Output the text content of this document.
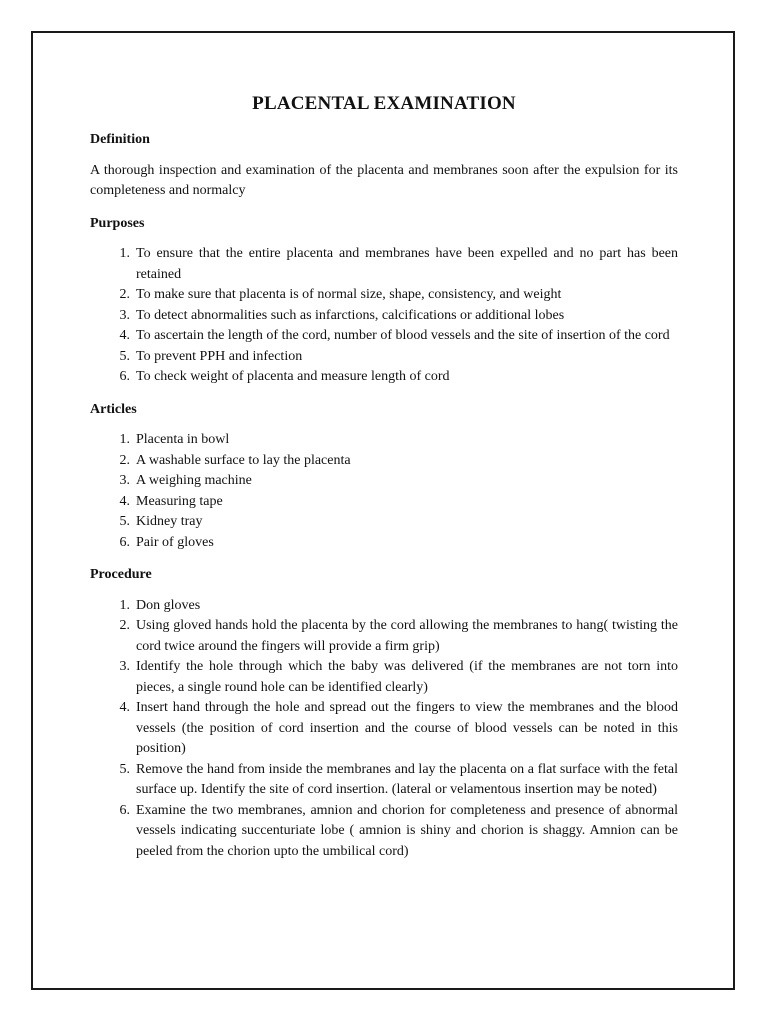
PLACENTAL EXAMINATION
Definition
A thorough inspection and examination of the placenta and membranes soon after the expulsion for its completeness and normalcy
Purposes
1. To ensure that the entire placenta and membranes have been expelled and no part has been retained
2. To make sure that placenta is of normal size, shape, consistency, and weight
3. To detect abnormalities such as infarctions, calcifications or additional lobes
4. To ascertain the length of the cord, number of blood vessels and the site of insertion of the cord
5. To prevent PPH and infection
6. To check weight of placenta and measure length of cord
Articles
1. Placenta in bowl
2. A washable surface to lay the placenta
3. A weighing machine
4. Measuring tape
5. Kidney tray
6. Pair of gloves
Procedure
1. Don gloves
2. Using gloved hands hold the placenta by the cord allowing the membranes to hang( twisting the cord twice around the fingers will provide a firm grip)
3. Identify the hole through which the baby was delivered (if the membranes are not torn into pieces, a single round hole can be identified clearly)
4. Insert hand through the hole and spread out the fingers to view the membranes and the blood vessels (the position of cord insertion and the course of blood vessels can be noted in this position)
5. Remove the hand from inside the membranes and lay the placenta on a flat surface with the fetal surface up. Identify the site of cord insertion. (lateral or velamentous insertion may be noted)
6. Examine the two membranes, amnion and chorion for completeness and presence of abnormal vessels indicating succenturiate lobe ( amnion is shiny and chorion is shaggy. Amnion can be peeled from the chorion upto the umbilical cord)
